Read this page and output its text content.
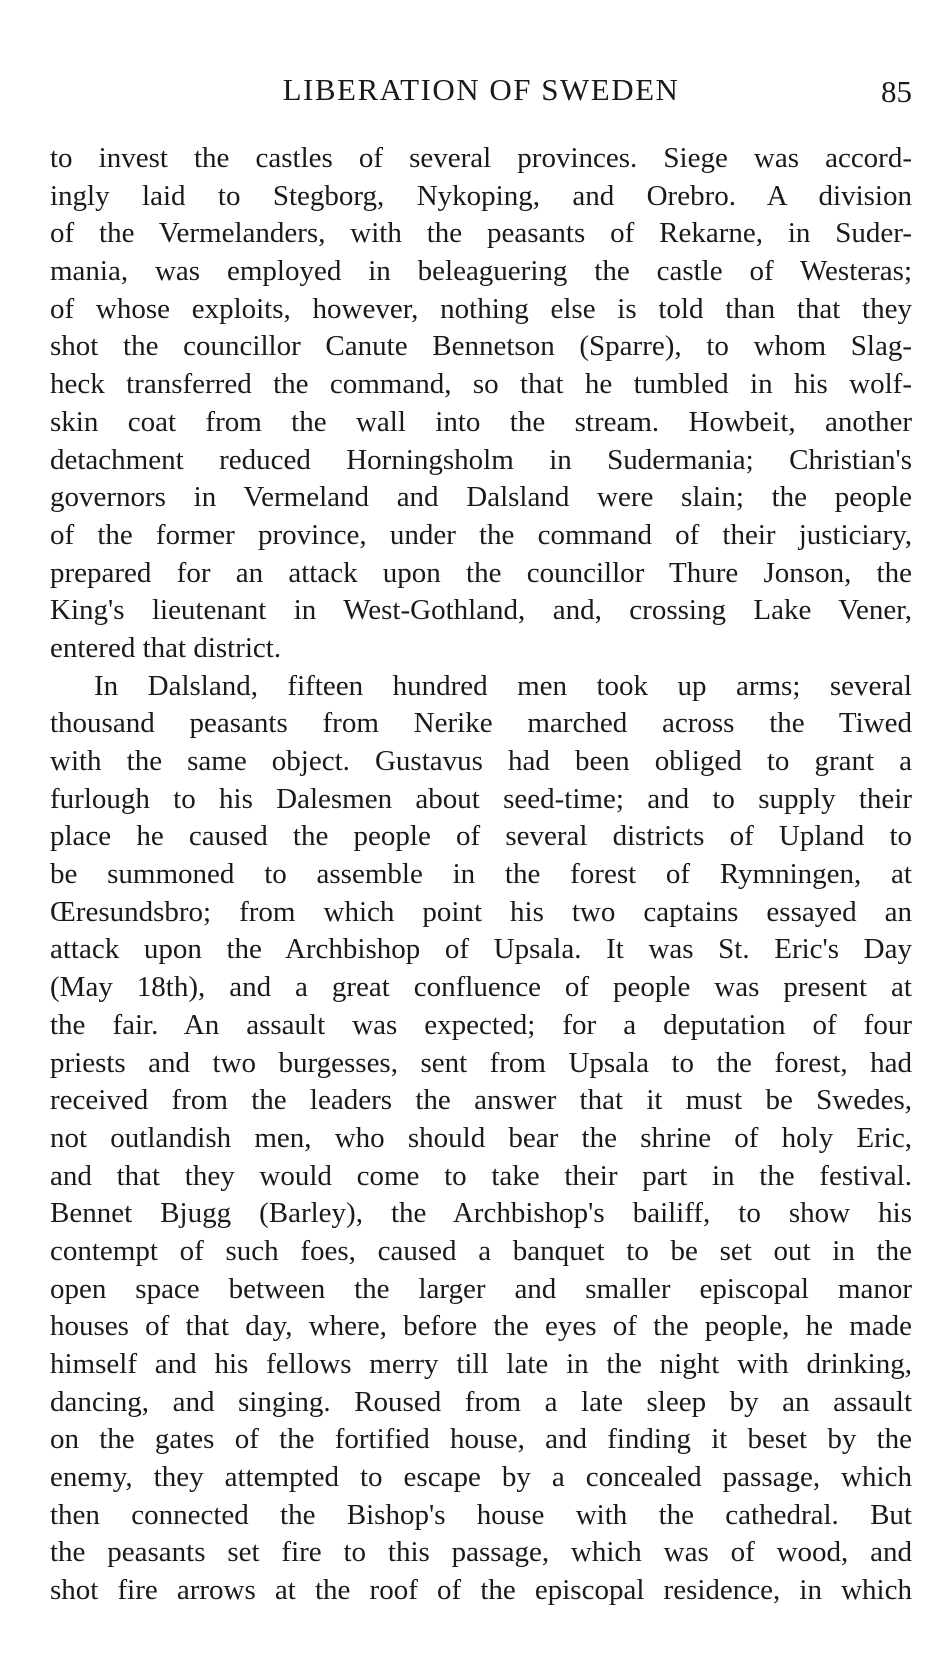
LIBERATION OF SWEDEN	85
to invest the castles of several provinces. Siege was accord-
ingly laid to Stegborg, Nykoping, and Orebro. A division
of the Vermelanders, with the peasants of Rekarne, in Suder-
mania, was employed in beleaguering the castle of Westeras;
of whose exploits, however, nothing else is told than that they
shot the councillor Canute Bennetson (Sparre), to whom Slag-
heck transferred the command, so that he tumbled in his wolf-
skin coat from the wall into the stream. Howbeit, another
detachment reduced Horningsholm in Sudermania; Christian's
governors in Vermeland and Dalsland were slain; the people
of the former province, under the command of their justiciary,
prepared for an attack upon the councillor Thure Jonson, the
King's lieutenant in West-Gothland, and, crossing Lake Vener,
entered that district.
In Dalsland, fifteen hundred men took up arms; several
thousand peasants from Nerike marched across the Tiwed
with the same object. Gustavus had been obliged to grant a
furlough to his Dalesmen about seed-time; and to supply their
place he caused the people of several districts of Upland to
be summoned to assemble in the forest of Rymningen, at
Œresundsbro; from which point his two captains essayed an
attack upon the Archbishop of Upsala. It was St. Eric's Day
(May 18th), and a great confluence of people was present at
the fair. An assault was expected; for a deputation of four
priests and two burgesses, sent from Upsala to the forest, had
received from the leaders the answer that it must be Swedes,
not outlandish men, who should bear the shrine of holy Eric,
and that they would come to take their part in the festival.
Bennet Bjugg (Barley), the Archbishop's bailiff, to show his
contempt of such foes, caused a banquet to be set out in the
open space between the larger and smaller episcopal manor
houses of that day, where, before the eyes of the people, he made
himself and his fellows merry till late in the night with drinking,
dancing, and singing. Roused from a late sleep by an assault
on the gates of the fortified house, and finding it beset by the
enemy, they attempted to escape by a concealed passage, which
then connected the Bishop's house with the cathedral. But
the peasants set fire to this passage, which was of wood, and
shot fire arrows at the roof of the episcopal residence, in which
